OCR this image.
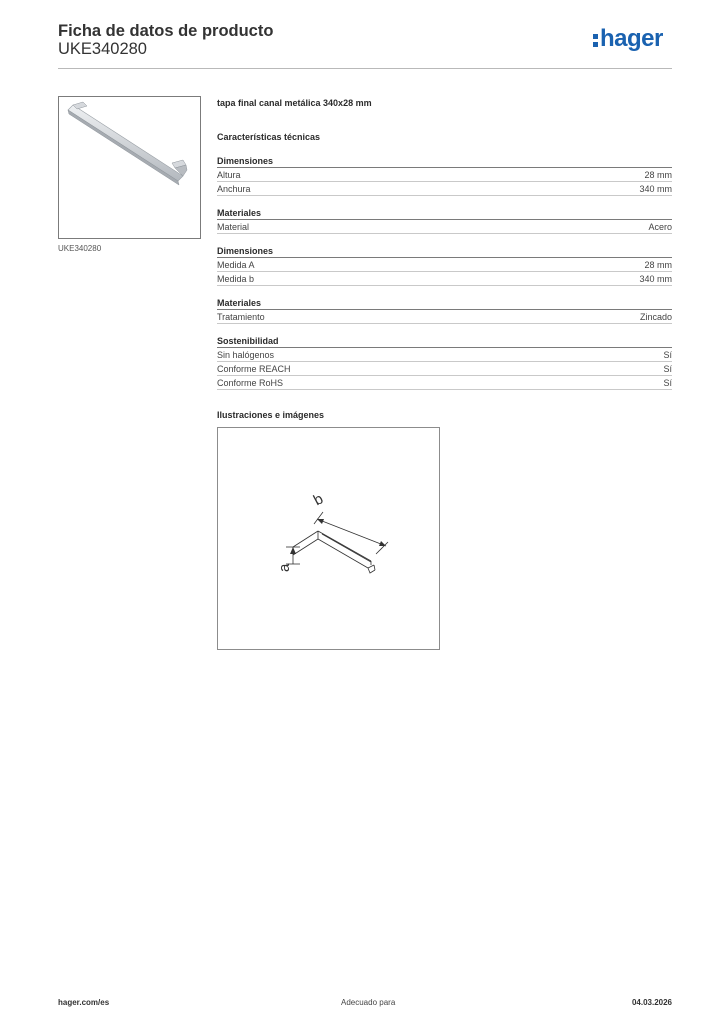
Ficha de datos de producto
UKE340280	hager
UKE340280
tapa final canal metálica 340x28 mm
Características técnicas
Dimensiones
Altura	28 mm
Anchura	340 mm
Materiales
Material	Acero
Dimensiones
Medida A	28 mm
Medida b	340 mm
Materiales
Tratamiento	Zincado
Sostenibilidad
Sin halógenos	Sí
Conforme REACH	Sí
Conforme RoHS	Sí
Ilustraciones e imágenes
a
b
hager.com/es	Adecuado para	04.03.2026
